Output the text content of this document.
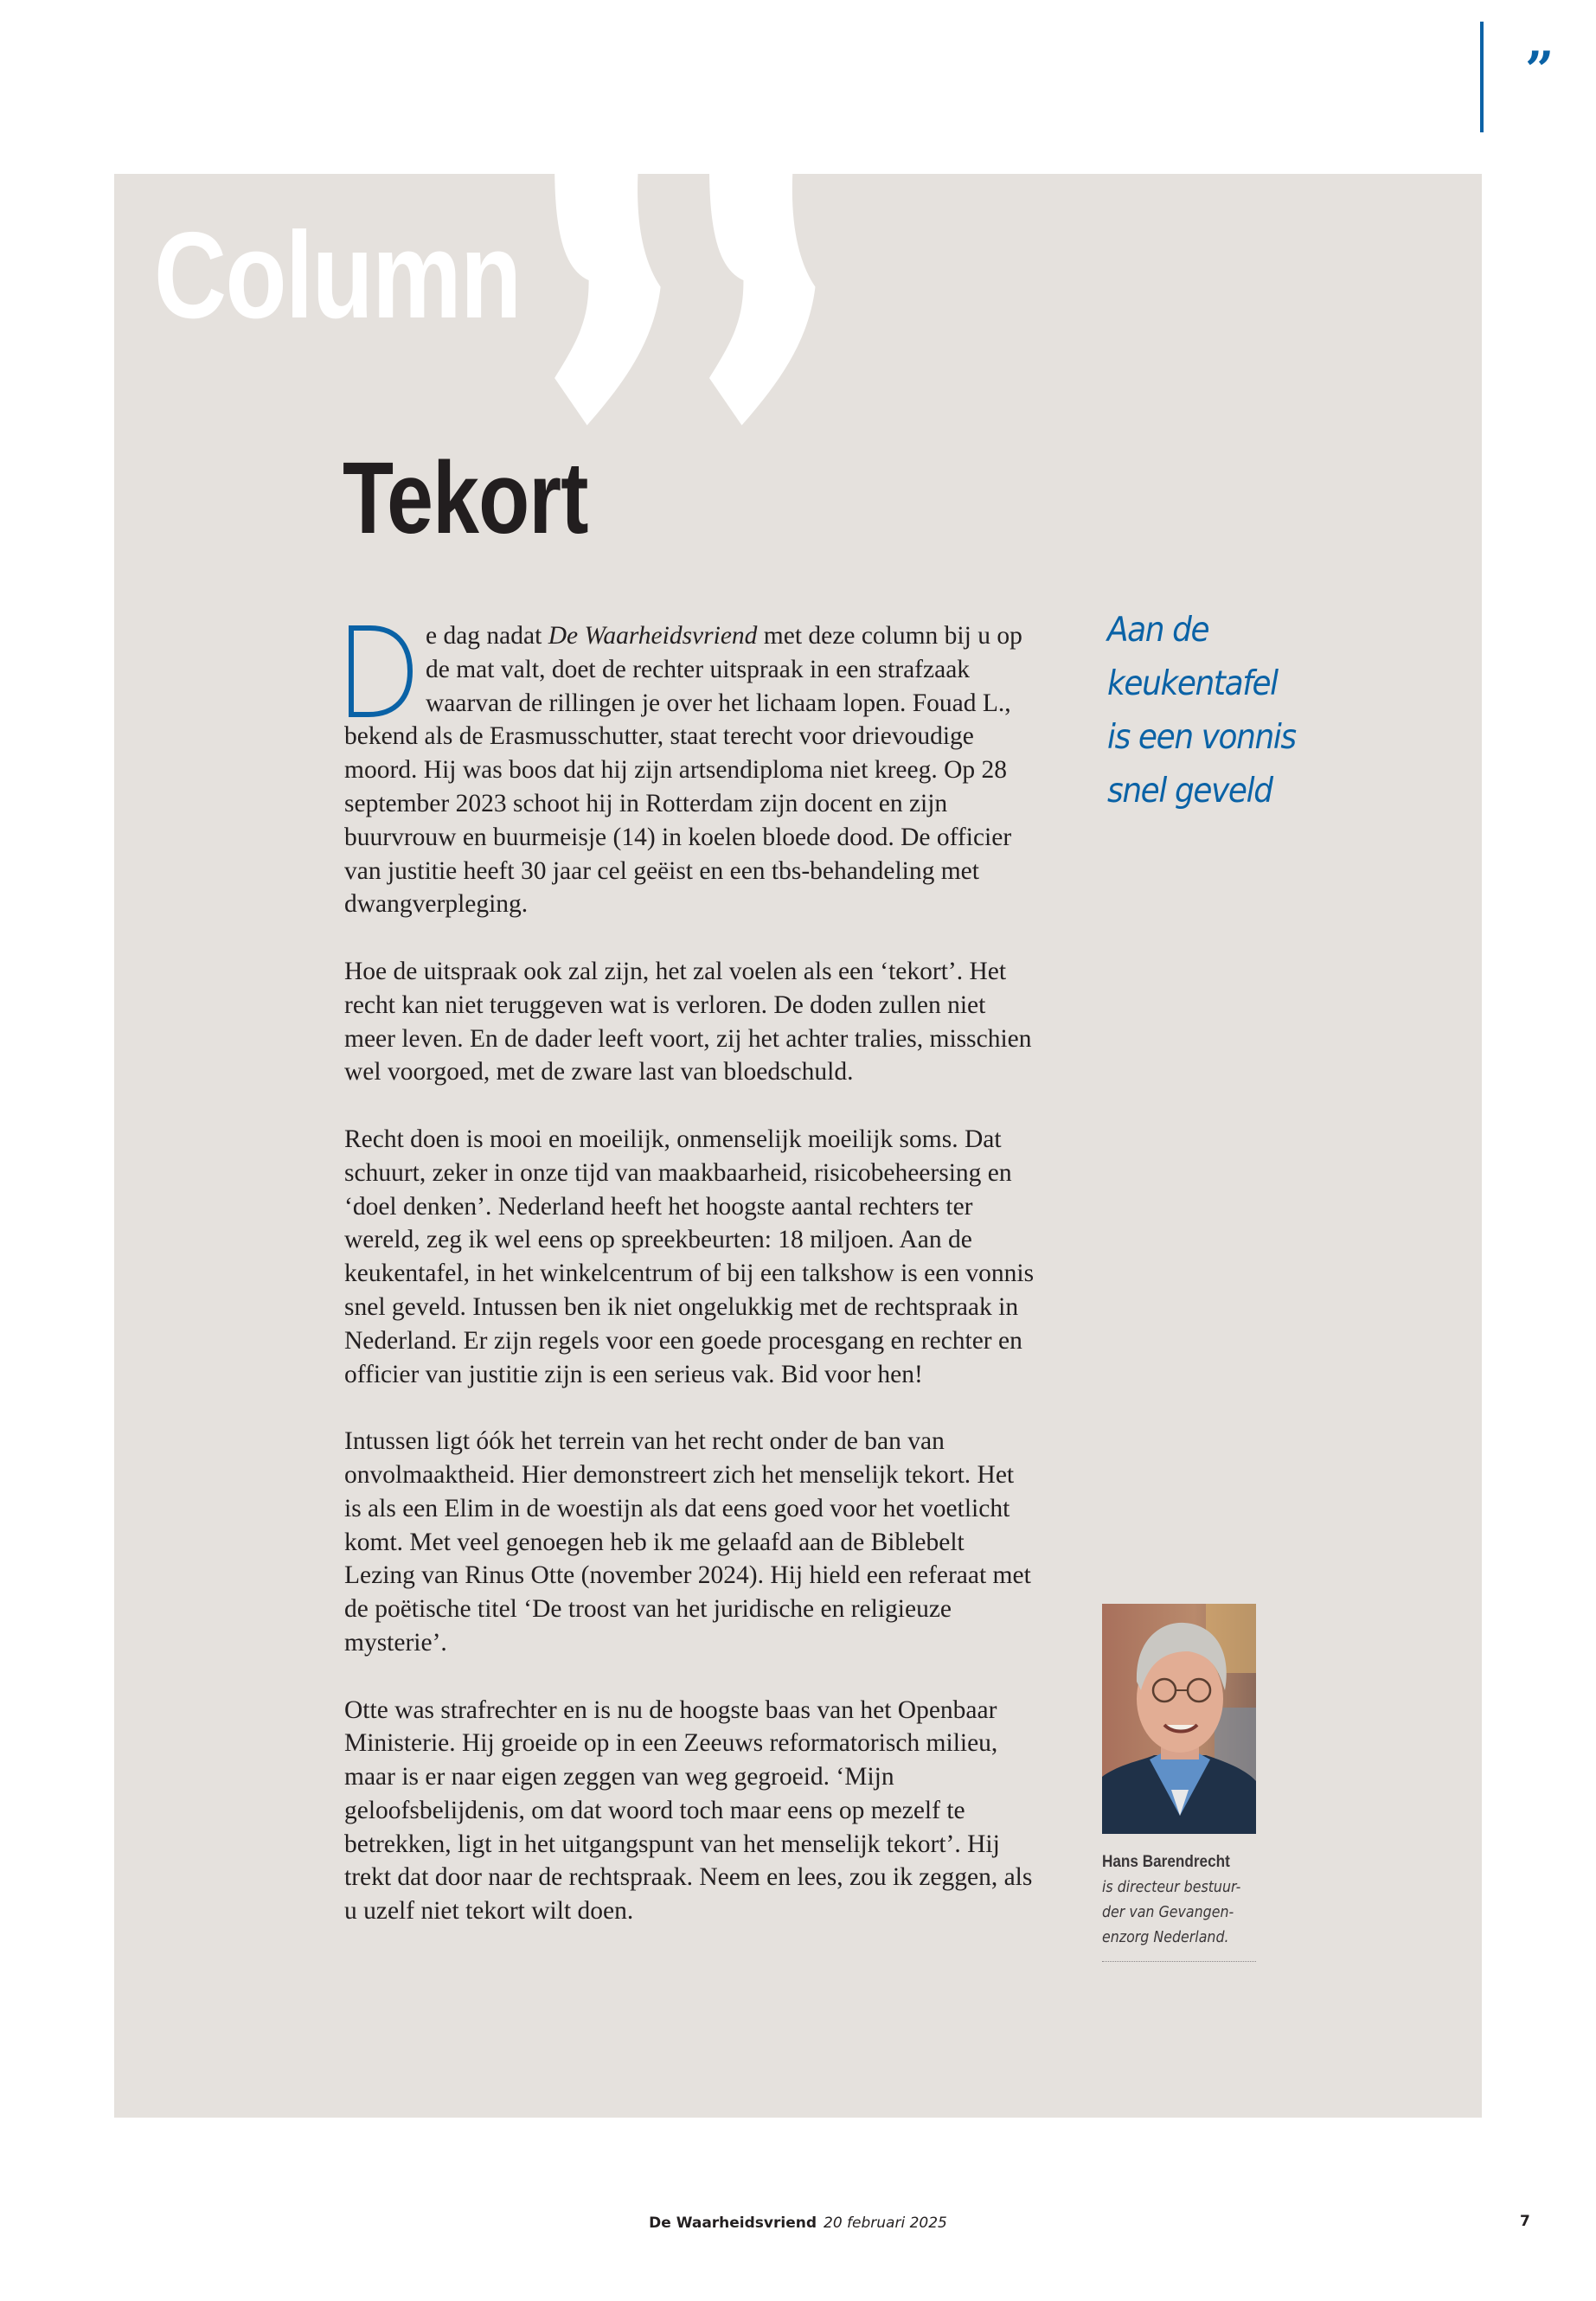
”
Column
Tekort

e dag nadat De Waarheidsvriend met deze column bij u op de mat valt, doet de rechter uitspraak in een strafzaak waarvan de rillingen je over het lichaam lopen. Fouad L., bekend als de Erasmusschutter, staat terecht voor drievoudige moord. Hij was boos dat hij zijn artsendiploma niet kreeg. Op 28 september 2023 schoot hij in Rotterdam zijn docent en zijn buurvrouw en buurmeisje (14) in koelen bloede dood. De officier van justitie heeft 30 jaar cel geëist en een tbs-behandeling met dwangverpleging.

Hoe de uitspraak ook zal zijn, het zal voelen als een ‘tekort’. Het recht kan niet teruggeven wat is verloren. De doden zullen niet meer leven. En de dader leeft voort, zij het achter tralies, misschien wel voorgoed, met de zware last van bloedschuld.

Recht doen is mooi en moeilijk, onmenselijk moeilijk soms. Dat schuurt, zeker in onze tijd van maakbaarheid, risicobeheersing en ‘doel denken’. Nederland heeft het hoogste aantal rechters ter wereld, zeg ik wel eens op spreekbeurten: 18 miljoen. Aan de keukentafel, in het winkelcentrum of bij een talkshow is een vonnis snel geveld. Intussen ben ik niet ongelukkig met de rechtspraak in Nederland. Er zijn regels voor een goede procesgang en rechter en officier van justitie zijn is een serieus vak. Bid voor hen!

Intussen ligt óók het terrein van het recht onder de ban van onvolmaaktheid. Hier demonstreert zich het menselijk tekort. Het is als een Elim in de woestijn als dat eens goed voor het voetlicht komt. Met veel genoegen heb ik me gelaafd aan de Biblebelt Lezing van Rinus Otte (november 2024). Hij hield een referaat met de poëtische titel ‘De troost van het juridische en religieuze mysterie’.

Otte was strafrechter en is nu de hoogste baas van het Openbaar Ministerie. Hij groeide op in een Zeeuws reformatorisch milieu, maar is er naar eigen zeggen van weg gegroeid. ‘Mijn geloofsbelijdenis, om dat woord toch maar eens op mezelf te betrekken, ligt in het uitgangspunt van het menselijk tekort’. Hij trekt dat door naar de rechtspraak. Neem en lees, zou ik zeggen, als u uzelf niet tekort wilt doen.

Aan de
keukentafel
is een vonnis
snel geveld
Hans Barendrecht
is directeur bestuur-
der van Gevangen-
enzorg Nederland.
De Waarheidsvriend 20 februari 2025	7
